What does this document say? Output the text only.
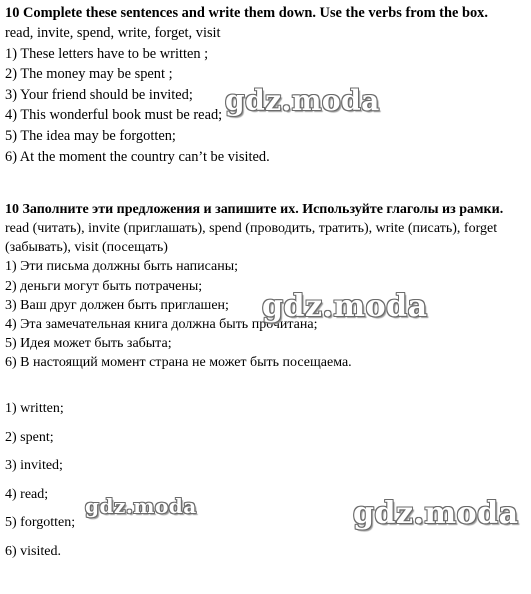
10 Complete these sentences and write them down. Use the verbs from the box.

read, invite, spend, write, forget, visit

1) These letters have to be written ;

2) The money may be spent ;

3) Your friend should be invited;

4) This wonderful book must be read;

5) The idea may be forgotten;

6) At the moment the country can’t be visited.

10 Заполните эти предложения и запишите их. Используйте глаголы из рамки.

read (читать), invite (приглашать), spend (проводить, тратить), write (писать), forget (забывать), visit (посещать)

1) Эти письма должны быть написаны;

2) деньги могут быть потрачены;

3) Ваш друг должен быть приглашен;

4) Эта замечательная книга должна быть прочитана;

5) Идея может быть забыта;

6) В настоящий момент страна не может быть посещаема.

1) written;

2) spent;

3) invited;

4) read;

5) forgotten;

6) visited.

gdz.moda
gdz.moda
gdz.moda	gdz.moda
